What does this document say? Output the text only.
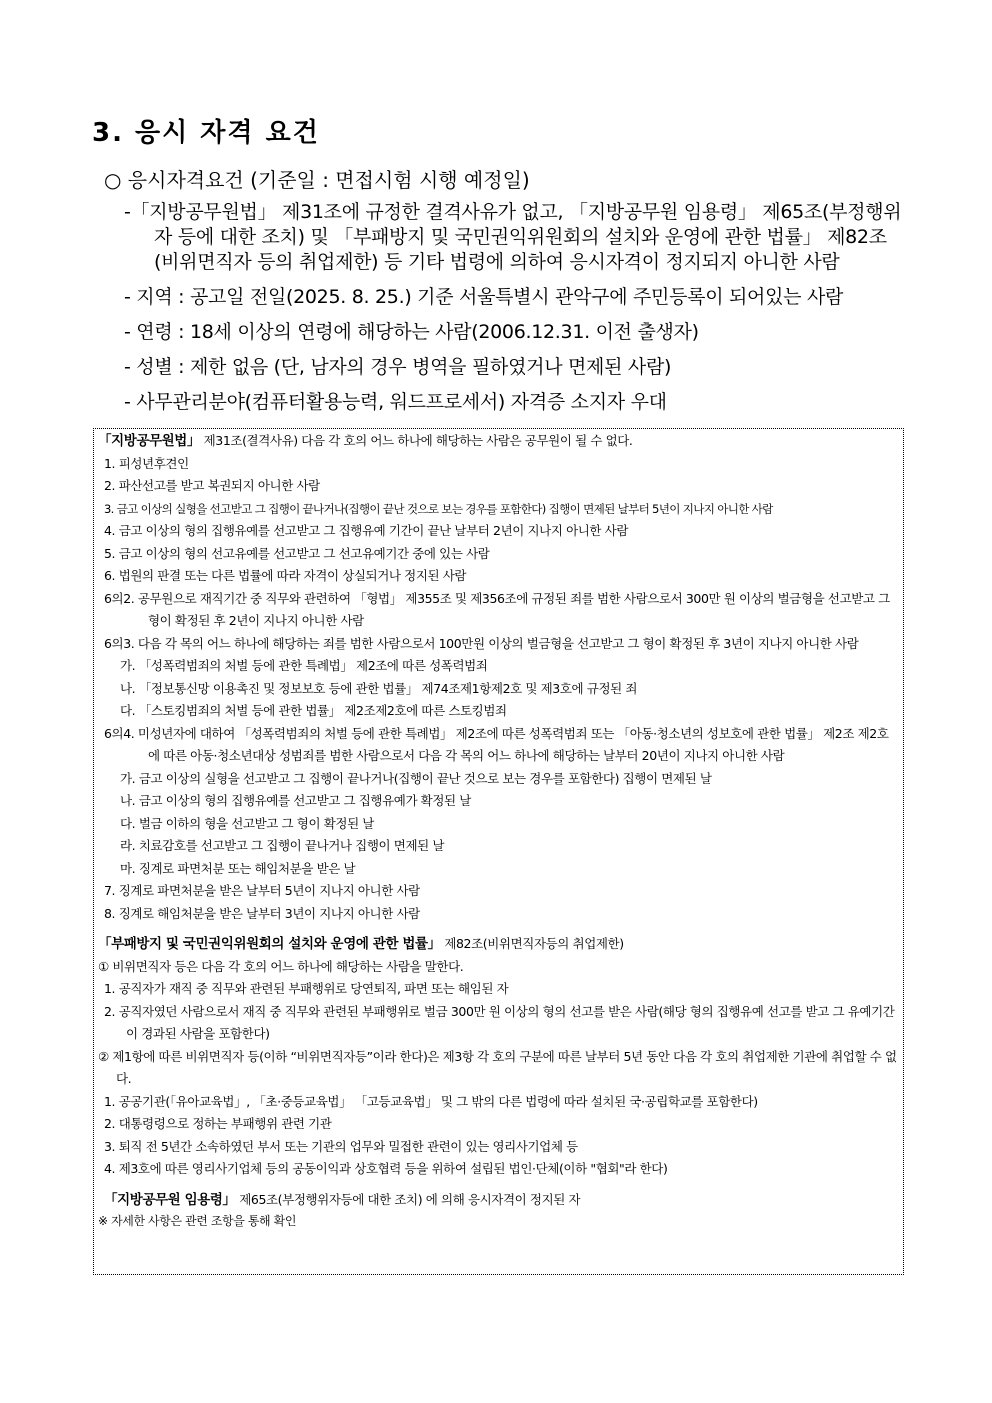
3. 응시 자격 요건
○ 응시자격요건 (기준일 : 면접시험 시행 예정일)
-「지방공무원법」 제31조에 규정한 결격사유가 없고, 「지방공무원 임용령」 제65조(부정행위자 등에 대한 조치) 및 「부패방지 및 국민권익위원회의 설치와 운영에 관한 법률」 제82조(비위면직자 등의 취업제한) 등 기타 법령에 의하여 응시자격이 정지되지 아니한 사람
- 지역 : 공고일 전일(2025. 8. 25.) 기준 서울특별시 관악구에 주민등록이 되어있는 사람
- 연령 : 18세 이상의 연령에 해당하는 사람(2006.12.31. 이전 출생자)
- 성별 : 제한 없음 (단, 남자의 경우 병역을 필하였거나 면제된 사람)
- 사무관리분야(컴퓨터활용능력, 워드프로세서) 자격증 소지자 우대
「지방공무원법」 제31조(결격사유) 다음 각 호의 어느 하나에 해당하는 사람은 공무원이 될 수 없다.
1. 피성년후견인
2. 파산선고를 받고 복권되지 아니한 사람
3. 금고 이상의 실형을 선고받고 그 집행이 끝나거나(집행이 끝난 것으로 보는 경우를 포함한다) 집행이 면제된 날부터 5년이 지나지 아니한 사람
4. 금고 이상의 형의 집행유예를 선고받고 그 집행유예 기간이 끝난 날부터 2년이 지나지 아니한 사람
5. 금고 이상의 형의 선고유예를 선고받고 그 선고유예기간 중에 있는 사람
6. 법원의 판결 또는 다른 법률에 따라 자격이 상실되거나 정지된 사람
6의2. 공무원으로 재직기간 중 직무와 관련하여 「형법」 제355조 및 제356조에 규정된 죄를 범한 사람으로서 300만 원 이상의 벌금형을 선고받고 그 형이 확정된 후 2년이 지나지 아니한 사람
6의3. 다음 각 목의 어느 하나에 해당하는 죄를 범한 사람으로서 100만원 이상의 벌금형을 선고받고 그 형이 확정된 후 3년이 지나지 아니한 사람
가. 「성폭력범죄의 처벌 등에 관한 특례법」 제2조에 따른 성폭력범죄
나. 「정보통신망 이용촉진 및 정보보호 등에 관한 법률」 제74조제1항제2호 및 제3호에 규정된 죄
다. 「스토킹범죄의 처벌 등에 관한 법률」 제2조제2호에 따른 스토킹범죄
6의4. 미성년자에 대하여 「성폭력범죄의 처벌 등에 관한 특례법」 제2조에 따른 성폭력범죄 또는 「아동·청소년의 성보호에 관한 법률」 제2조 제2호에 따른 아동·청소년대상 성범죄를 범한 사람으로서 다음 각 목의 어느 하나에 해당하는 날부터 20년이 지나지 아니한 사람
가. 금고 이상의 실형을 선고받고 그 집행이 끝나거나(집행이 끝난 것으로 보는 경우를 포함한다) 집행이 면제된 날
나. 금고 이상의 형의 집행유예를 선고받고 그 집행유예가 확정된 날
다. 벌금 이하의 형을 선고받고 그 형이 확정된 날
라. 치료감호를 선고받고 그 집행이 끝나거나 집행이 면제된 날
마. 징계로 파면처분 또는 해임처분을 받은 날
7. 징계로 파면처분을 받은 날부터 5년이 지나지 아니한 사람
8. 징계로 해임처분을 받은 날부터 3년이 지나지 아니한 사람
「부패방지 및 국민권익위원회의 설치와 운영에 관한 법률」 제82조(비위면직자등의 취업제한)
① 비위면직자 등은 다음 각 호의 어느 하나에 해당하는 사람을 말한다.
1. 공직자가 재직 중 직무와 관련된 부패행위로 당연퇴직, 파면 또는 해임된 자
2. 공직자였던 사람으로서 재직 중 직무와 관련된 부패행위로 벌금 300만 원 이상의 형의 선고를 받은 사람(해당 형의 집행유예 선고를 받고 그 유예기간이 경과된 사람을 포함한다)
② 제1항에 따른 비위면직자 등(이하 “비위면직자등”이라 한다)은 제3항 각 호의 구분에 따른 날부터 5년 동안 다음 각 호의 취업제한 기관에 취업할 수 없다.
1. 공공기관(「유아교육법」, 「초·중등교육법」 「고등교육법」 및 그 밖의 다른 법령에 따라 설치된 국·공립학교를 포함한다)
2. 대통령령으로 정하는 부패행위 관련 기관
3. 퇴직 전 5년간 소속하였던 부서 또는 기관의 업무와 밀접한 관련이 있는 영리사기업체 등
4. 제3호에 따른 영리사기업체 등의 공동이익과 상호협력 등을 위하여 설립된 법인·단체(이하 "협회"라 한다)
「지방공무원 임용령」 제65조(부정행위자등에 대한 조치) 에 의해 응시자격이 정지된 자
※ 자세한 사항은 관련 조항을 통해 확인
